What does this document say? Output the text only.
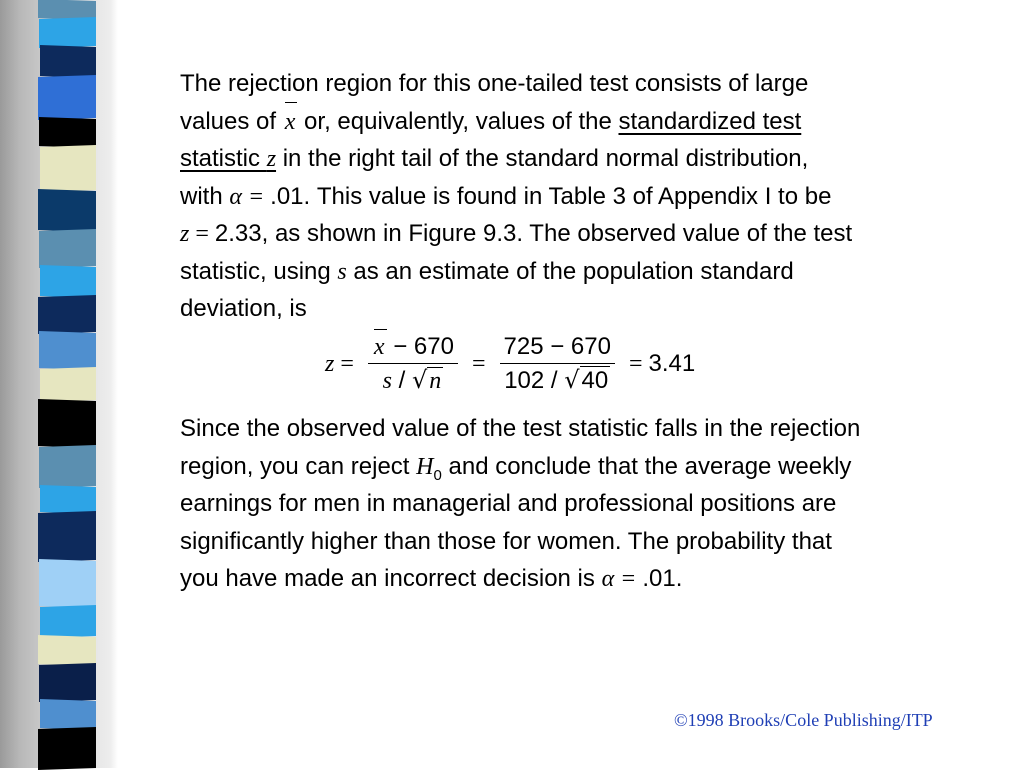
The rejection region for this one-tailed test consists of large
values of x or, equivalently, values of the standardized test
statistic z in the right tail of the standard normal distribution,
with α = .01. This value is found in Table 3 of Appendix I to be
z = 2.33, as shown in Figure 9.3. The observed value of the test
statistic, using s as an estimate of the population standard
deviation, is
$z = \frac{x - 670}{s / √n} = \frac{725 - 670}{102 / √40} = 3.41$
Since the observed value of the test statistic falls in the rejection
region, you can reject $H_0$ and conclude that the average weekly
earnings for men in managerial and professional positions are
significantly higher than those for women. The probability that
you have made an incorrect decision is α = .01.
©1998 Brooks/Cole Publishing/ITP
